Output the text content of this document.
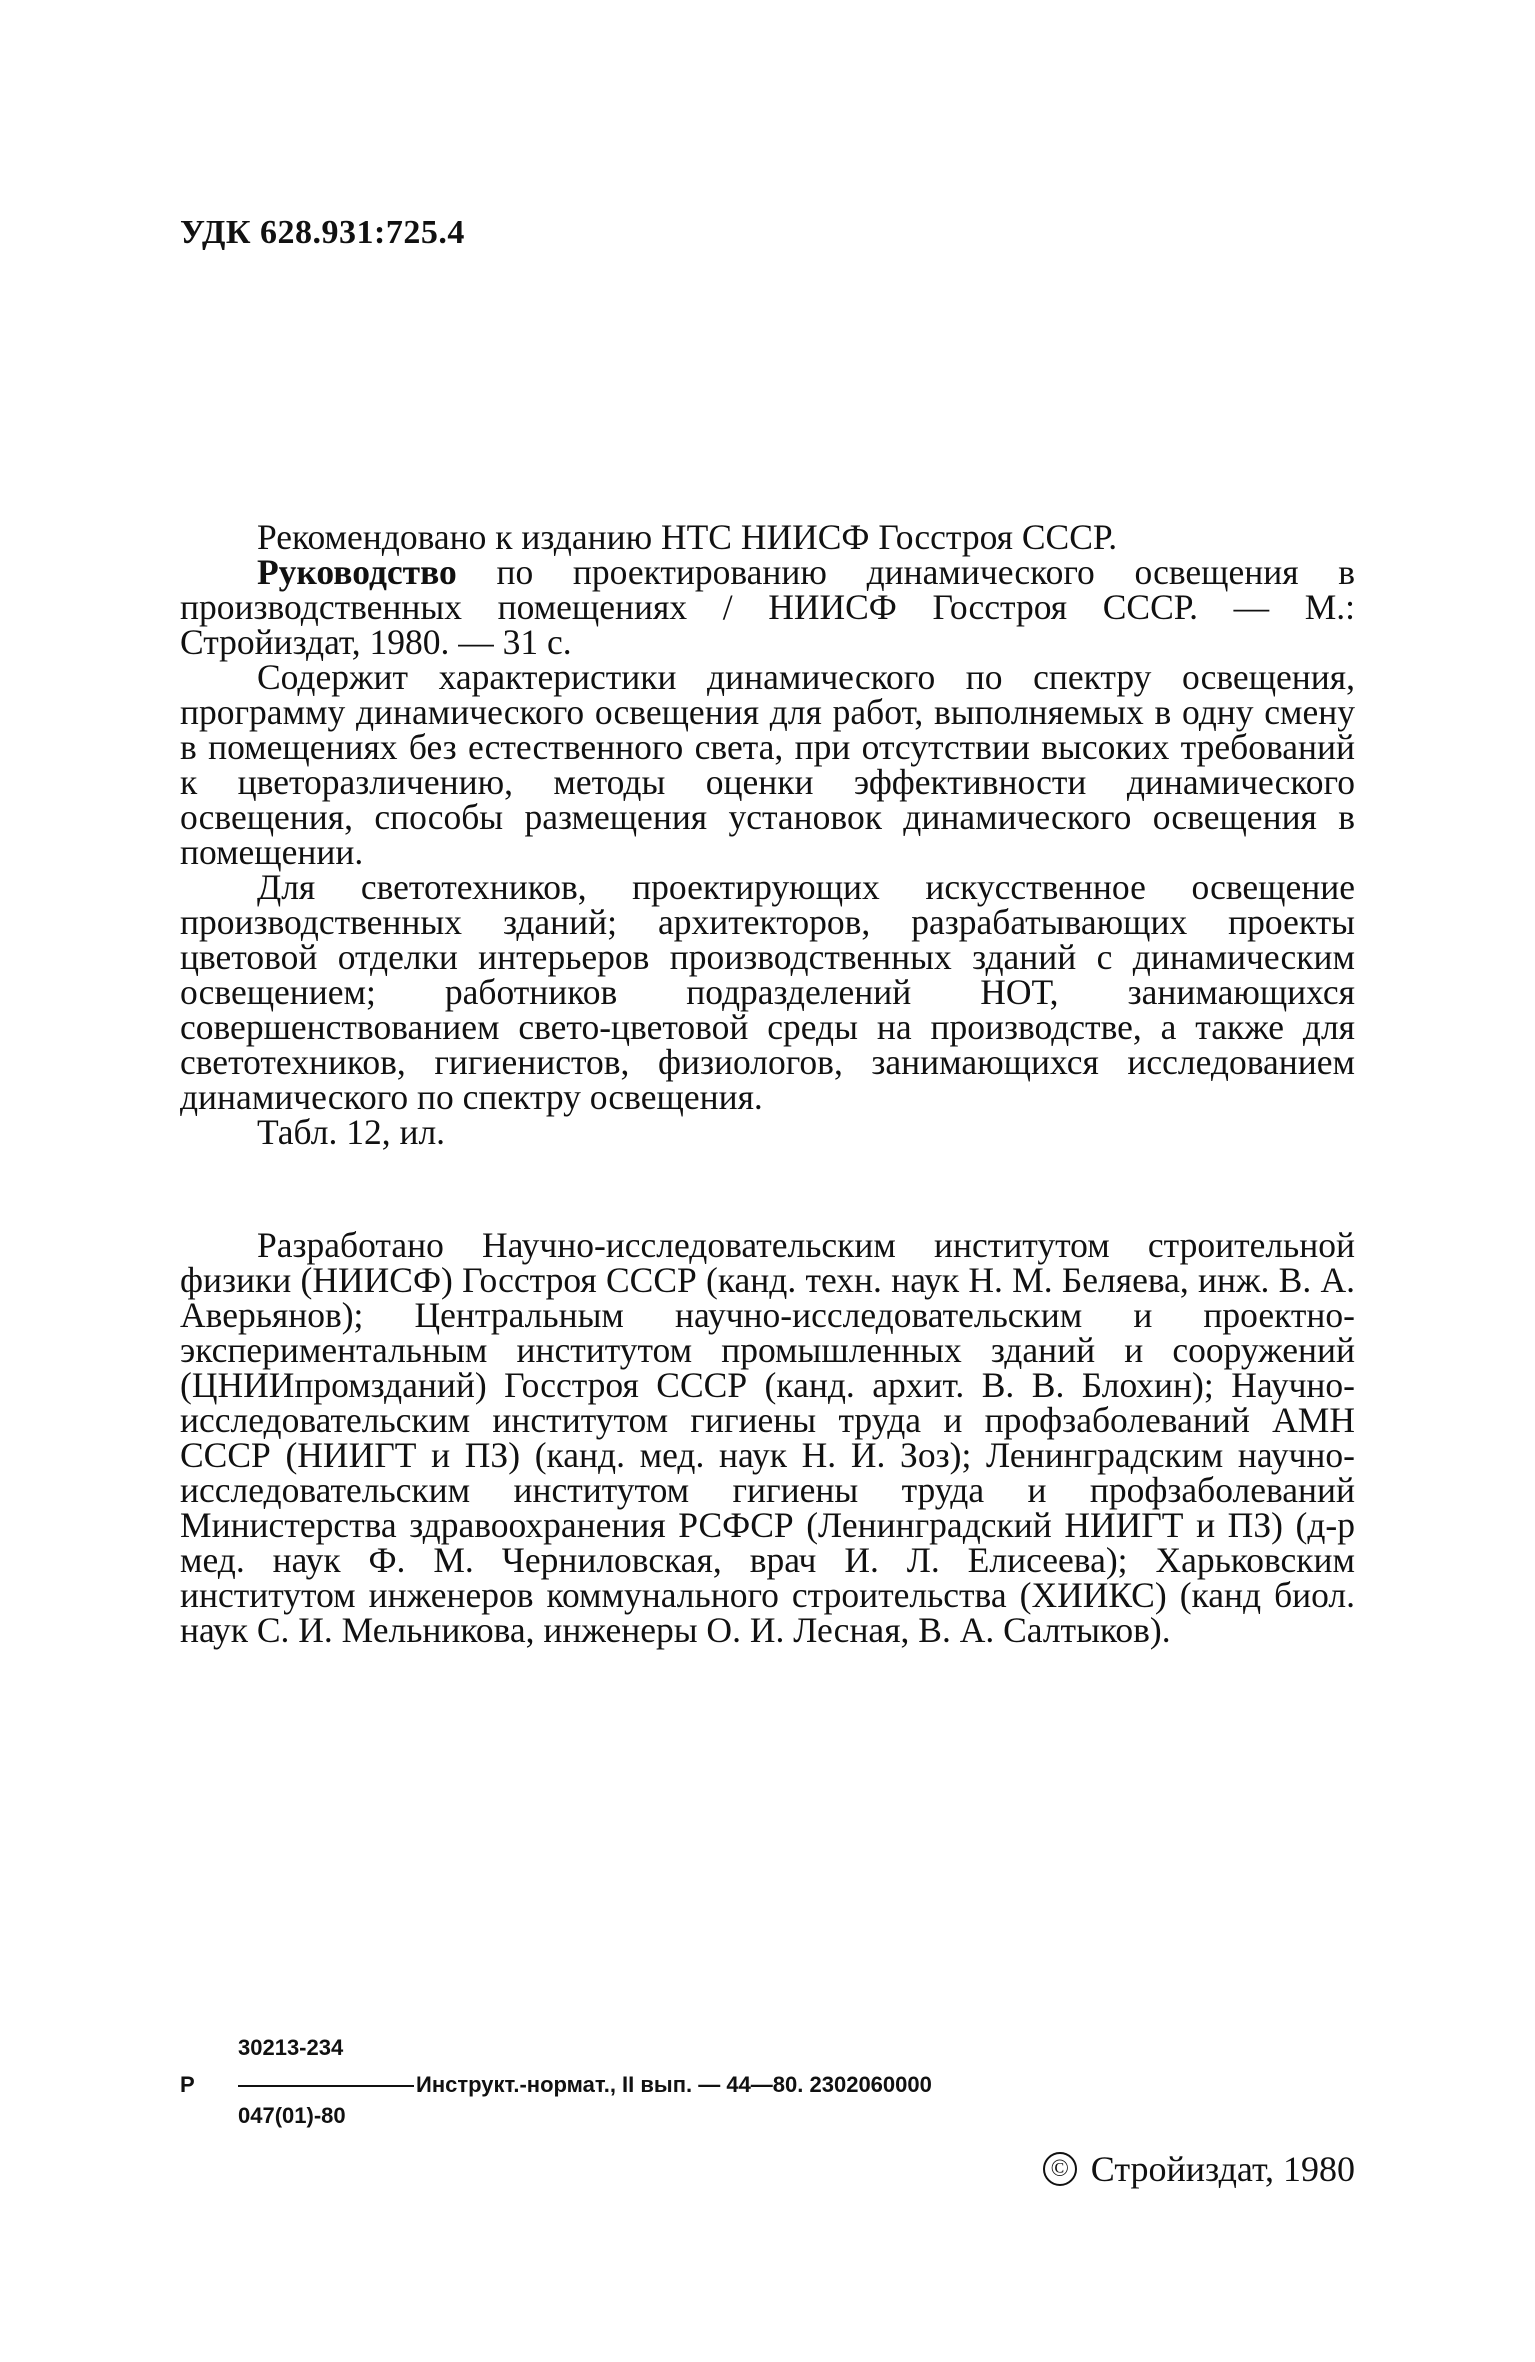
УДК 628.931:725.4

Рекомендовано к изданию НТС НИИСФ Госстроя СССР.

Руководство по проектированию динамического освещения в производственных помещениях / НИИСФ Госстроя СССР. — М.: Стройиздат, 1980. — 31 с.

Содержит характеристики динамического по спектру освещения, программу динамического освещения для работ, выполняемых в одну смену в помещениях без естественного света, при отсутствии высоких требований к цветоразличению, методы оценки эффективности динамического освещения, способы размещения установок динамического освещения в помещении.

Для светотехников, проектирующих искусственное освещение производственных зданий; архитекторов, разрабатывающих проекты цветовой отделки интерьеров производственных зданий с динамическим освещением; работников подразделений НОТ, занимающихся совершенствованием свето-цветовой среды на производстве, а также для светотехников, гигиенистов, физиологов, занимающихся исследованием динамического по спектру освещения.

Табл. 12, ил.

Разработано Научно-исследовательским институтом строительной физики (НИИСФ) Госстроя СССР (канд. техн. наук Н. М. Беляева, инж. В. А. Аверьянов); Центральным научно-исследовательским и проектно-экспериментальным институтом промышленных зданий и сооружений (ЦНИИпромзданий) Госстроя СССР (канд. архит. В. В. Блохин); Научно-исследовательским институтом гигиены труда и профзаболеваний АМН СССР (НИИГТ и ПЗ) (канд. мед. наук Н. И. Зоз); Ленинградским научно-исследовательским институтом гигиены труда и профзаболеваний Министерства здравоохранения РСФСР (Ленинградский НИИГТ и ПЗ) (д-р мед. наук Ф. М. Черниловская, врач И. Л. Елисеева); Харьковским институтом инженеров коммунального строительства (ХИИКС) (канд биол. наук С. И. Мельникова, инженеры О. И. Лесная, В. А. Салтыков).

Р
30213-234
047(01)-80
Инструкт.-нормат., II вып. — 44—80. 2302060000
© Стройиздат, 1980
